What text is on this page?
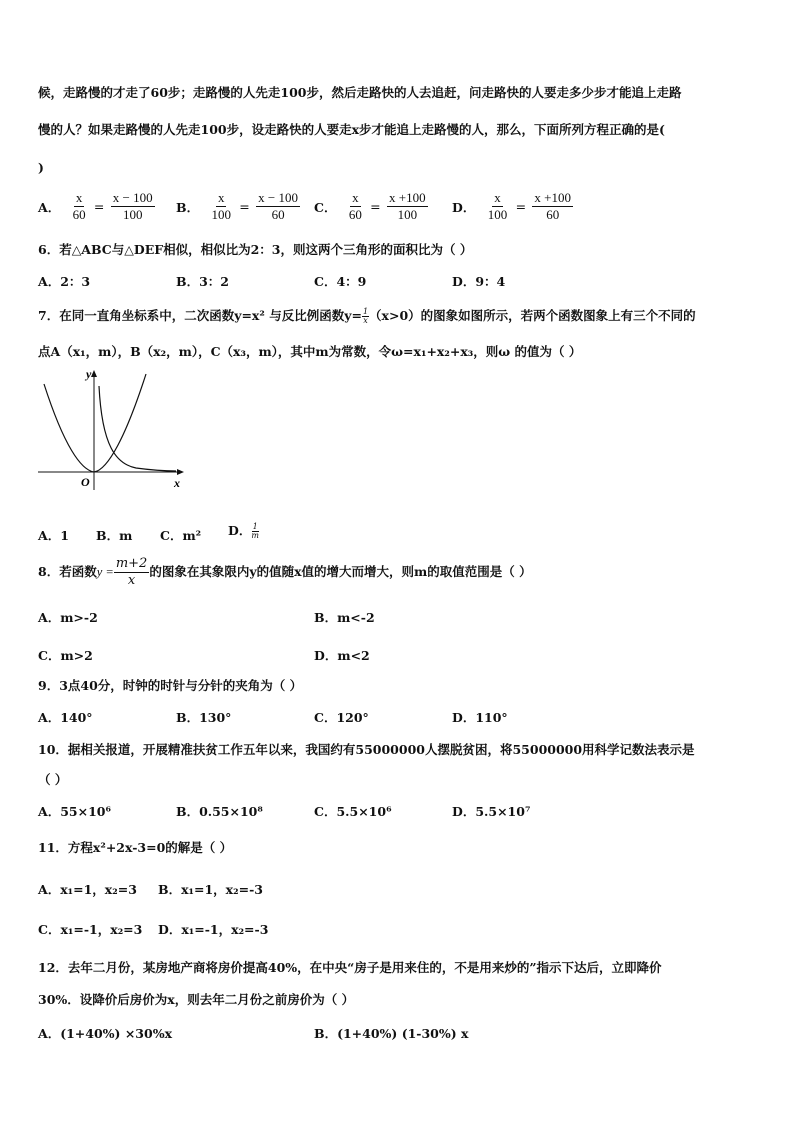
候，走路慢的才走了60步；走路慢的人先走100步，然后走路快的人去追赶，问走路快的人要走多少步才能追上走路
慢的人？如果走路慢的人先走100步，设走路快的人要走x步才能追上走路慢的人，那么，下面所列方程正确的是(
)
A． $\frac{x}{60} = \frac{x - 100}{100}$ B． $\frac{x}{100} = \frac{x - 100}{60}$ C． $\frac{x}{60} = \frac{x +100}{100}$ D． $\frac{x}{100} = \frac{x +100}{60}$
6．若△ABC与△DEF相似，相似比为2：3，则这两个三角形的面积比为（ ）
A．2：3	B．3：2	C．4：9	D．9：4
7．在同一直角坐标系中，二次函数y=x² 与反比例函数$y= \frac{1}{x} (x>0)$的图象如图所示，若两个函数图象上有三个不同的
点A（x₁，m），B（x₂，m），C（x₃，m），其中m为常数，令ω=x₁+x₂+x₃，则ω 的值为（ ）
y
x
O
A．1 B．m C．m² D． $\frac{1}{m}$
8．若函数$y = \frac{m+2}{x}$ 的图象在其象限内y的值随x值的增大而增大，则m的取值范围是（ ）
A．m>-2	B．m<-2
C．m>2	D．m<2
9．3点40分，时钟的时针与分针的夹角为（ ）
A．140°	B．130°	C．120°	D．110°
10．据相关报道，开展精准扶贫工作五年以来，我国约有55000000人摆脱贫困，将55000000用科学记数法表示是
（ ）
A．55×10⁶	B．0.55×10⁸	C．5.5×10⁶	D．5.5×10⁷
11．方程x²+2x-3=0的解是（ ）
A．x₁=1，x₂=3 B．x₁=1，x₂=-3
C．x₁=-1，x₂=3 D．x₁=-1，x₂=-3
12．去年二月份，某房地产商将房价提高40%，在中央“房子是用来住的，不是用来炒的”指示下达后，立即降价
30%．设降价后房价为x，则去年二月份之前房价为（ ）
A．(1+40%) ×30%x	B．(1+40%) (1-30%) x
